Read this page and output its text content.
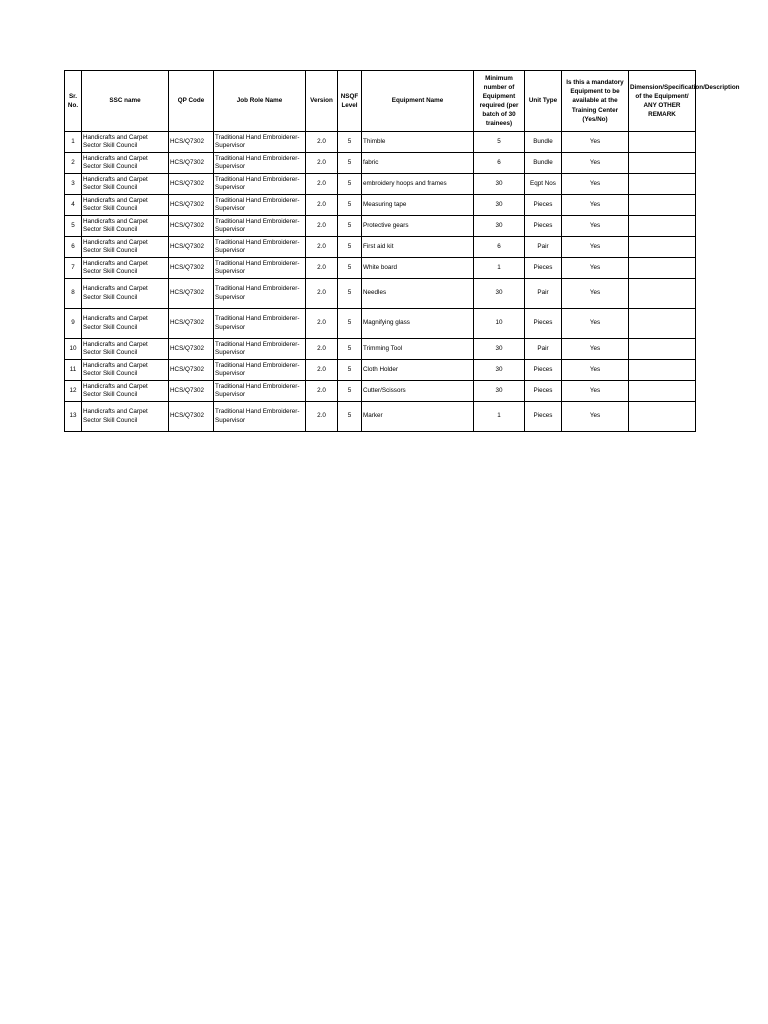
Sr. No.	SSC name	QP Code	Job Role Name	Version	NSQF Level	Equipment Name	Minimum number of Equipment required (per batch of 30 trainees)	Unit Type	Is this a mandatory Equipment to be available at the Training Center (Yes/No)	Dimension/Specification/Description of the Equipment/ ANY OTHER REMARK
1	Handicrafts and Carpet Sector Skill Council	HCS/Q7302	Traditional Hand Embroiderer- Supervisor	2.0	5	Thimble	5	Bundle	Yes	
2	Handicrafts and Carpet Sector Skill Council	HCS/Q7302	Traditional Hand Embroiderer- Supervisor	2.0	5	fabric	6	Bundle	Yes	
3	Handicrafts and Carpet Sector Skill Council	HCS/Q7302	Traditional Hand Embroiderer- Supervisor	2.0	5	embroidery hoops and frames	30	Eqpt Nos	Yes	
4	Handicrafts and Carpet Sector Skill Council	HCS/Q7302	Traditional Hand Embroiderer- Supervisor	2.0	5	Measuring tape	30	Pieces	Yes	
5	Handicrafts and Carpet Sector Skill Council	HCS/Q7302	Traditional Hand Embroiderer- Supervisor	2.0	5	Protective gears	30	Pieces	Yes	
6	Handicrafts and Carpet Sector Skill Council	HCS/Q7302	Traditional Hand Embroiderer- Supervisor	2.0	5	First aid kit	6	Pair	Yes	
7	Handicrafts and Carpet Sector Skill Council	HCS/Q7302	Traditional Hand Embroiderer- Supervisor	2.0	5	White board	1	Pieces	Yes	
8	Handicrafts and Carpet Sector Skill Council	HCS/Q7302	Traditional Hand Embroiderer- Supervisor	2.0	5	Needles	30	Pair	Yes	
9	Handicrafts and Carpet Sector Skill Council	HCS/Q7302	Traditional Hand Embroiderer- Supervisor	2.0	5	Magnifying glass	10	Pieces	Yes	
10	Handicrafts and Carpet Sector Skill Council	HCS/Q7302	Traditional Hand Embroiderer- Supervisor	2.0	5	Trimming Tool	30	Pair	Yes	
11	Handicrafts and Carpet Sector Skill Council	HCS/Q7302	Traditional Hand Embroiderer- Supervisor	2.0	5	Cloth Holder	30	Pieces	Yes	
12	Handicrafts and Carpet Sector Skill Council	HCS/Q7302	Traditional Hand Embroiderer- Supervisor	2.0	5	Cutter/Scissors	30	Pieces	Yes	
13	Handicrafts and Carpet Sector Skill Council	HCS/Q7302	Traditional Hand Embroiderer- Supervisor	2.0	5	Marker	1	Pieces	Yes	
